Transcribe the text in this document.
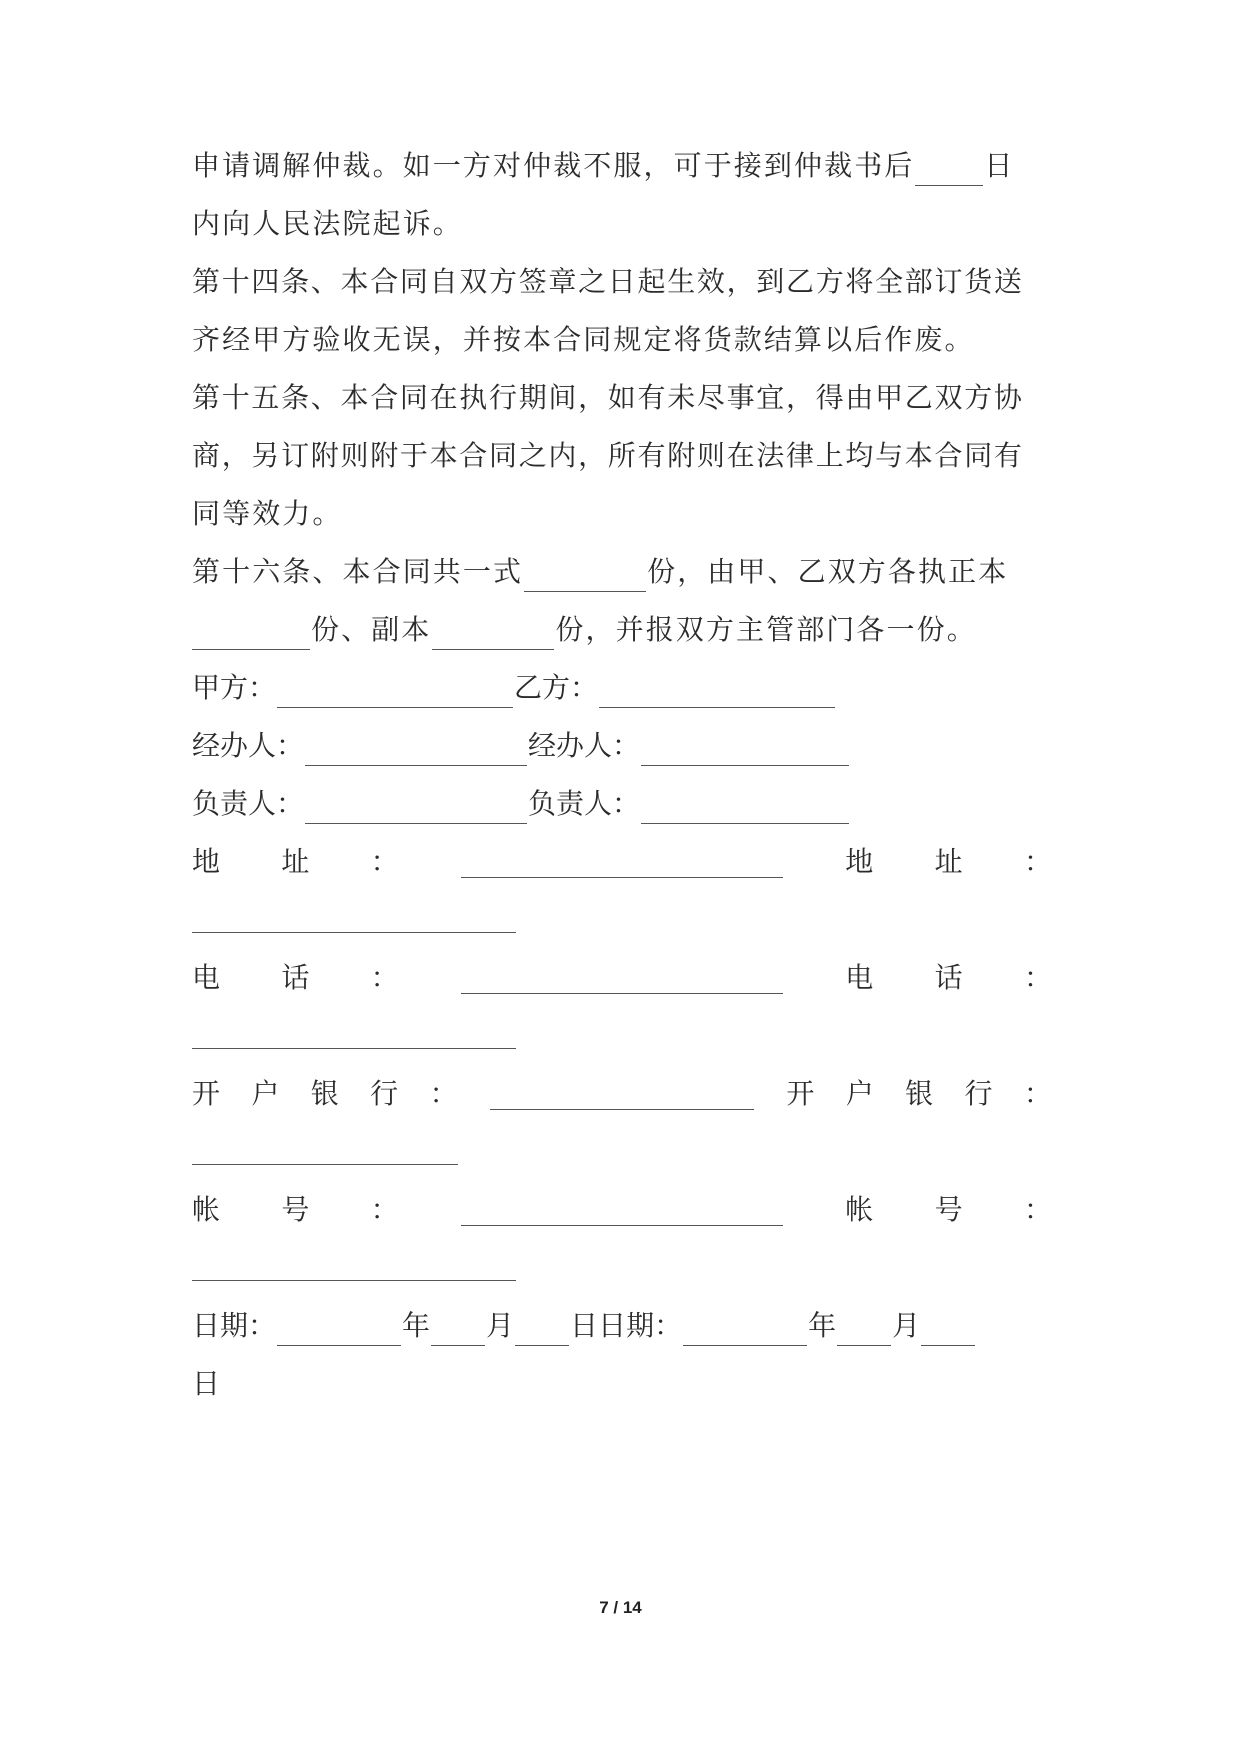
申请调解仲裁。如一方对仲裁不服，可于接到仲裁书后	日
内向人民法院起诉。
第十四条、本合同自双方签章之日起生效，到乙方将全部订货送
齐经甲方验收无误，并按本合同规定将货款结算以后作废。
第十五条、本合同在执行期间，如有未尽事宜，得由甲乙双方协
商，另订附则附于本合同之内，所有附则在法律上均与本合同有
同等效力。
第十六条、本合同共一式	份，由甲、乙双方各执正本
份、副本	份，并报双方主管部门各一份。
甲方：	乙方：
经办人：	经办人：
负责人：	负责人：
地 址 ：	地 址 ：
电 话 ：	电 话 ：
开 户 银 行 ：	开 户 银 行 ：
帐 号 ：	帐 号 ：
日期：	年 月 日日期：	年 月
日
7 / 14
